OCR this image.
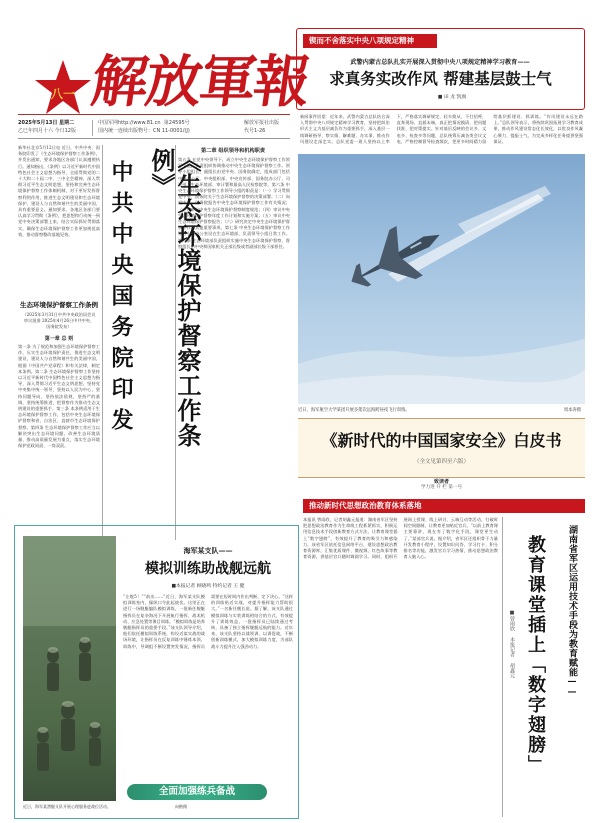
八一 解放軍報
2025年5月13日 星期二
乙巳年四月十六 今日12版
中国军网http://www.81.cn 第24595号
国内统一连续出版物号：CN 11-0001/(J)
解放军报社出版
代号1-26
新华社北京5月12日电 近日，中共中央、国务院印发了《生态环境保护督察工作条例》，并发出通知，要求各地区各部门认真遵照执行。通知指出，《条例》以习近平新时代中国特色社会主义思想为指导，全面贯彻党的二十大和二十届二中、三中全会精神，深入贯彻习近平生态文明思想，坚持和完善生态环境保护督察工作体制机制，对于更好发挥督察利剑作用，推进生态文明建设和生态环境保护，建设人与自然和谐共生的美丽中国，具有重要意义。通知要求，各地区各部门要认真学习贯彻《条例》，把思想和行动统一到党中央决策部署上来，结合实际抓好贯彻落实，确保生态环境保护督察工作更加规范高效，推动督察整改落地见效。
生态环境保护督察工作条例
（2025年3月31日中共中央政治局会议审议批准 2025年4月26日中共中央、国务院发布）
第一章 总 则
第一条 为了规范和加强生态环境保护督察工作，压实生态环境保护责任，推进生态文明建设，建设人与自然和谐共生的美丽中国，根据《中国共产党章程》和有关法律，制定本条例。第二条 生态环境保护督察工作坚持以习近平新时代中国特色社会主义思想为指导，深入贯彻习近平生态文明思想，坚持党中央集中统一领导，坚持以人民为中心，坚持问题导向，坚持依法依规，坚持严的基调，坚持统筹推进，把督察作为推动生态文明建设的重要抓手。第三条 本条例适用于生态环境保护督察工作，包括中央生态环境保护督察和省、自治区、直辖市生态环境保护督察。第四条 生态环境保护督察工作应当以解决突出生态环境问题、改善生态环境质量、推动高质量发展为重点，落实生态环境保护党政同责、一岗双责。	《生态环境保护督察工作条例》
中共中央国务院印发
第二章 组织领导和机构职责
第五条 在党中央领导下，成立中央生态环境保护督察工作领导小组，负责组织协调推动中央生态环境保护督察工作。领导小组组长、副组长由党中央、国务院确定，组成部门包括中央办公厅、中央组织部、中央宣传部、国务院办公厅、司法部、生态环境部、审计署和最高人民检察院等。第六条 中央生态环境保护督察工作领导小组的职责是：（一）学习贯彻党中央、国务院关于生态环境保护督察的决策部署；（二）向党中央、国务院报告中央生态环境保护督察工作有关情况；（三）审议中央生态环境保护督察制度规范；（四）审议中央生态环境保护督察年度工作计划和实施方案；（五）审议中央生态环境保护督察报告；（六）研究决定中央生态环境保护督察工作的其他重要事项。第七条 中央生态环境保护督察工作领导小组办公室设在生态环境部，负责领导小组日常工作。第八条 生态环境部负责组织实施中央生态环境保护督察，督察组长由中央和国家机关正部长级或者副部长级干部担任。
锲而不舍落实中央八项规定精神
武警内蒙古总队扎实开展深入贯彻中央八项规定精神学习教育——
求真务实改作风 帮建基层鼓士气
■ 田 龙 凯旗
新闻事件回望：近年来，武警内蒙古总队结合深入贯彻中央八项规定精神学习教育，坚持把纠治形式主义为基层减负作为重要抓手，深入基层一线调研指导，察实情、解难题、办实事，推动作风建设走深走实。总队党委一班人坚持以上率下，严格落实调研规定，轻车简从、不打招呼，直奔现场、直插末端，真正把情况摸清、把问题找准、把对策提实。针对基层反映的会议多、文电多、检查多等问题，总队统筹压减各类会议文电，严格控制督导检查频次，把更多时间精力留给基层抓建设、抓训练。“作风建设永远在路上。”总队领导表示，将持续巩固拓展学习教育成果，推动作风建设常态化长效化，以优良作风凝心聚力、提振士气，为完成多样化任务提供坚强保证。
近日，海军航空大学某团开展多架次远海跨昼夜飞行训练。	周本涛摄
《新时代的中国国家安全》白皮书
（全文见第四至六版）
致读者
学力进 开 栏 第一号
近日，海军某潜艇支队开展心理服务进战位活动。	向楷摄
海军某支队——
模拟训练助战舰远航
■本报记者 顾晓鸣 特约记者 王 健
“左舵5！”“前出……”近日，海军某支队模拟训练室内，操纵口令此起彼伏。这里正在进行一场舰艇编队模拟训练，一批新任舰艇指挥员在复杂海况下开展航行指挥、战术机动、应急处置等课目训练。“模拟训练是培养舰艇指挥员的重要手段。”该支队领导介绍，他们依托模拟训练系统，构设近似实战的战场环境，让指挥员在反复训练中锤炼本领。训练中，导调组不断设置突发情况，指挥员需要在短时间内作出判断、定下决心。“这样的训练贴近实战，对提升指挥能力帮助很大。”一名新任舰长说。据了解，该支队通过模拟训练与实装训练相结合的方式，有效提升了训练效益，一批指挥员已陆续通过考核，具备了独立指挥舰艇远航的能力。近年来，该支队坚持以战领训、以训促战，不断创新训练模式，加大模拟训练力度，为部队战斗力提升注入强劲动力。
全面加强练兵备战
推动新时代思想政治教育体系落地
本报讯 曾雨欣、记者胡鑫元报道：湖南省军区坚持把思想政治教育作为生命线工程抓紧抓实，积极运用信息技术手段创新教育方式方法，让教育课堂插上“数字翅膀”，有效提升了教育的吸引力和感染力。该省军区依托信息网络平台，建设思想政治教育资源库，汇集优质课件、微视频、红色故事等教育资源，供基层官兵随时调阅学习。同时，组织开展网上授课、线上研讨、云端互动等活动，打破时间空间限制，让教育更加贴近官兵。“以前上教育课主要靠讲，现在有了数字化手段，课堂更生动了。”某部官兵说。据介绍，省军区还组织骨干力量开发教育小程序，设置知识问答、学习打卡、积分排名等功能，激发官兵学习热情，推动思想政治教育入脑入心。	湖南省军区运用技术手段为教育赋能——
教育课堂插上「数字翅膀」
■曾雨欣 本报记者 胡鑫元
